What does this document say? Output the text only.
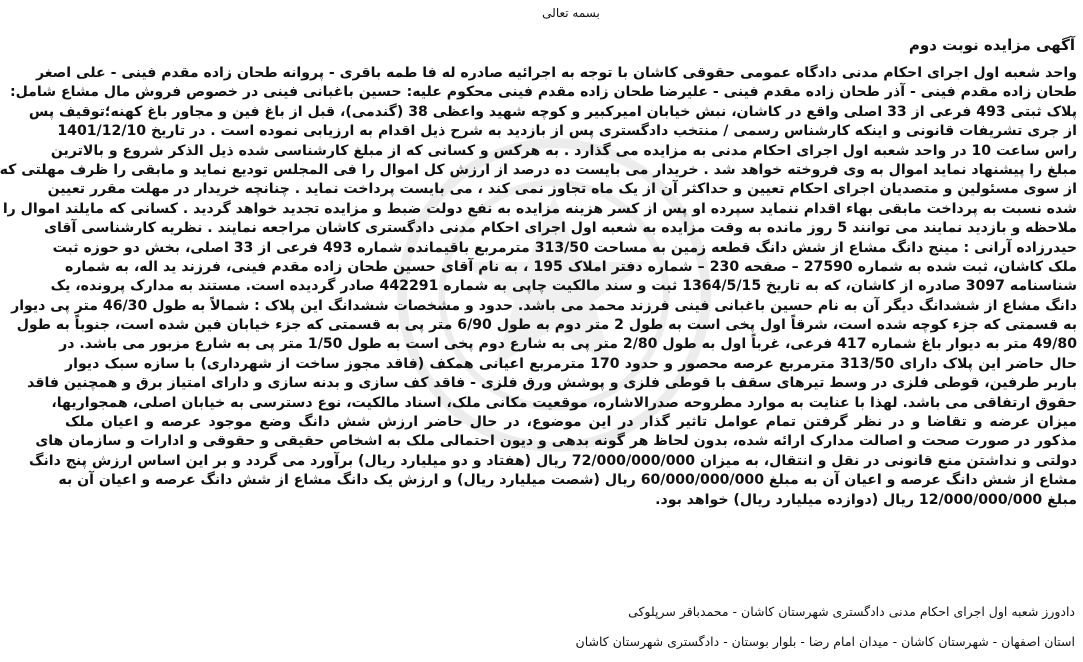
بسمه تعالی
آگهی مزایده نوبت دوم
واحد شعبه اول اجرای احکام مدنی دادگاه عمومی حقوقی کاشان با توجه به اجرائیه صادره له فا طمه باقری - پروانه طحان زاده مقدم فینی - علی اصغر
طحان زاده مقدم فینی - آذر طحان زاده مقدم فینی - علیرضا طحان زاده مقدم فینی محکوم علیه: حسین باغبانی فینی در خصوص فروش مال مشاع شامل:
پلاک ثبتی 493 فرعی از 33 اصلی واقع در کاشان، نبش خیابان امیرکبیر و کوچه شهید واعظی 38 (گندمی)، قبل از باغ فین و مجاور باغ کهنه؛توقیف پس
از جری تشریفات قانونی و اینکه کارشناس رسمی / منتخب دادگستری پس از بازدید به شرح ذیل اقدام به ارزیابی نموده است . در تاریخ 1401/12/10
راس ساعت 10 در واحد شعبه اول اجرای احکام مدنی به مزایده می گذارد . به هرکس و کسانی که از مبلغ کارشناسی شده ذیل الذکر شروع و بالاترین
مبلغ را پیشنهاد نماید اموال به وی فروخته خواهد شد . خریدار می بایست ده درصد از ارزش کل اموال را فی المجلس تودیع نماید و مابقی را ظرف مهلتی که
از سوی مسئولین و متصدیان اجرای احکام تعیین و حداکثر آن از یک ماه تجاوز نمی کند ، می بایست پرداخت نماید . چنانچه خریدار در مهلت مقرر تعیین
شده نسبت به پرداخت مابقی بهاء اقدام ننماید سپرده او پس از کسر هزینه مزایده به نفع دولت ضبط و مزایده تجدید خواهد گردید . کسانی که مایلند اموال را
ملاحظه و بازدید نمایند می توانند 5 روز مانده به وقت مزایده به شعبه اول اجرای احکام مدنی دادگستری کاشان مراجعه نمایند . نظریه کارشناسی آقای
حیدرزاده آرانی : مینج دانگ مشاع از شش دانگ قطعه زمین به مساحت 313/50 مترمربع باقیمانده شماره 493 فرعی از 33 اصلی، بخش دو حوزه ثبت
ملک کاشان، ثبت شده به شماره 27590 – صفحه 230 – شماره دفتر املاک 195 ، به نام آقای حسین طحان زاده مقدم فینی، فرزند ید اله، به شماره
شناسنامه 3097 صادره از کاشان، که به تاریخ 1364/5/15 ثبت و سند مالکیت چاپی به شماره 442291 صادر گردیده است. مستند به مدارک پرونده، یک
دانگ مشاع از ششدانگ دیگر آن به نام حسین باغبانی فینی فرزند محمد می باشد. حدود و مشخصات ششدانگ این پلاک : شمالاً به طول 46/30 متر پی دیوار
به قسمتی که جزء کوچه شده است، شرقاً اول پخی است به طول 2 متر دوم به طول 6/90 متر پی به قسمتی که جزء خیابان فین شده است، جنوباً به طول
49/80 متر به دیوار باغ شماره 417 فرعی، غرباً اول به طول 2/80 متر پی به شارع دوم پخی است به طول 1/50 متر پی به شارع مزبور می باشد. در
حال حاضر این پلاک دارای 313/50 مترمربع عرصه محصور و حدود 170 مترمربع اعیانی همکف (فاقد مجوز ساخت از شهرداری) با سازه سبک دیوار
باربر طرفین، قوطی فلزی در وسط تیرهای سقف با قوطی فلزی و پوشش ورق فلزی - فاقد کف سازی و بدنه سازی و دارای امتیاز برق و همچنین فاقد
حقوق ارتفاقی می باشد. لهذا با عنایت به موارد مطروحه صدرالاشاره، موقعیت مکانی ملک، اسناد مالکیت، نوع دسترسی به خیابان اصلی، همجواریها،
میزان عرضه و تقاضا و در نظر گرفتن تمام عوامل تاثیر گذار در این موضوع، در حال حاضر ارزش شش دانگ وضع موجود عرصه و اعیان ملک
مذکور در صورت صحت و اصالت مدارک ارائه شده، بدون لحاظ هر گونه بدهی و دیون احتمالی ملک به اشخاص حقیقی و حقوقی و ادارات و سازمان های
دولتی و نداشتن منع قانونی در نقل و انتقال، به میزان 72/000/000/000 ریال (هفتاد و دو میلیارد ریال) برآورد می گردد و بر این اساس ارزش پنج دانگ
مشاع از شش دانگ عرصه و اعیان آن به مبلغ 60/000/000/000 ریال (شصت میلیارد ریال) و ارزش یک دانگ مشاع از شش دانگ عرصه و اعیان آن به
مبلغ 12/000/000/000 ریال (دوازده میلیارد ریال) خواهد بود.
دادورز شعبه اول اجرای احکام مدنی دادگستری شهرستان کاشان - محمدباقر سرپلوکی
استان اصفهان - شهرستان کاشان - میدان امام رضا - بلوار بوستان - دادگستری شهرستان کاشان
